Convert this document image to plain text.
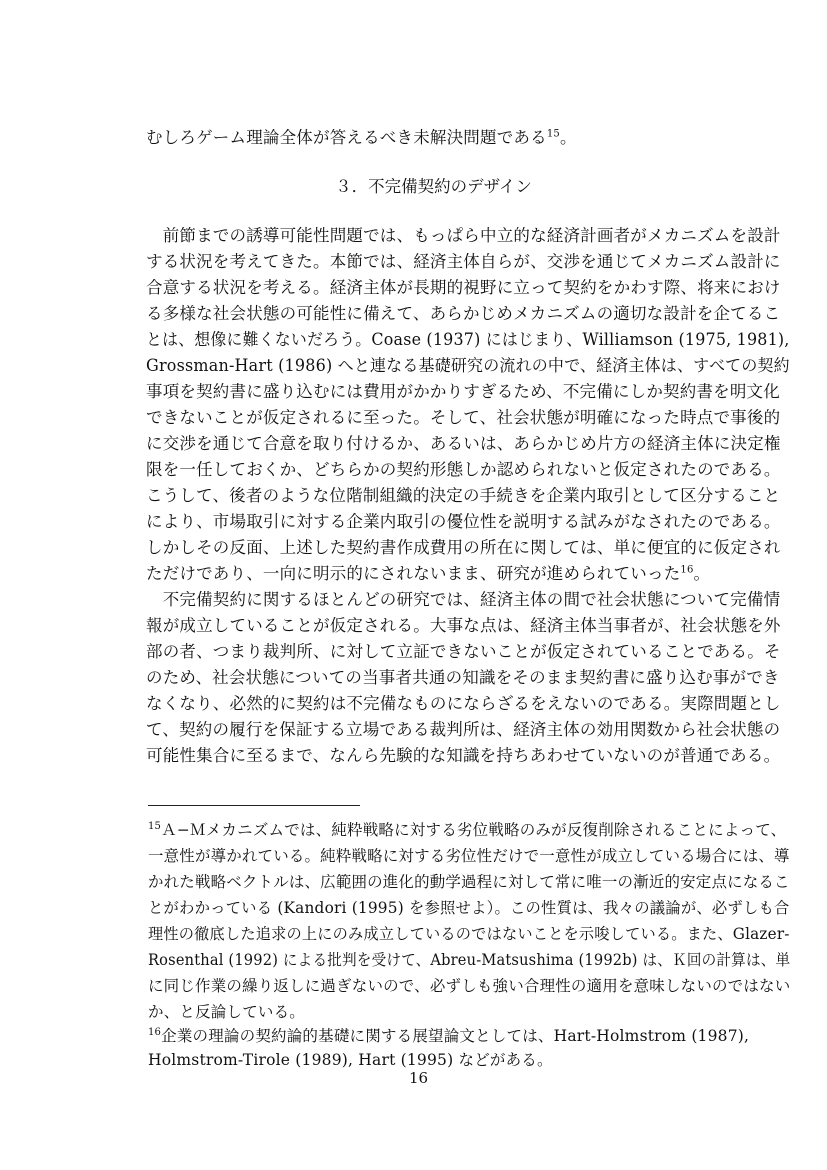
むしろゲーム理論全体が答えるべき未解決問題である$^{15}$。
３．不完備契約のデザイン
　前節までの誘導可能性問題では、もっぱら中立的な経済計画者がメカニズムを設計
する状況を考えてきた。本節では、経済主体自らが、交渉を通じてメカニズム設計に
合意する状況を考える。経済主体が長期的視野に立って契約をかわす際、将来におけ
る多様な社会状態の可能性に備えて、あらかじめメカニズムの適切な設計を企てるこ
とは、想像に難くないだろう。Coase (1937) にはじまり、Williamson (1975, 1981),
Grossman-Hart (1986) へと連なる基礎研究の流れの中で、経済主体は、すべての契約
事項を契約書に盛り込むには費用がかかりすぎるため、不完備にしか契約書を明文化
できないことが仮定されるに至った。そして、社会状態が明確になった時点で事後的
に交渉を通じて合意を取り付けるか、あるいは、あらかじめ片方の経済主体に決定権
限を一任しておくか、どちらかの契約形態しか認められないと仮定されたのである。
こうして、後者のような位階制組織的決定の手続きを企業内取引として区分すること
により、市場取引に対する企業内取引の優位性を説明する試みがなされたのである。
しかしその反面、上述した契約書作成費用の所在に関しては、単に便宜的に仮定され
ただけであり、一向に明示的にされないまま、研究が進められていった$^{16}$。
　不完備契約に関するほとんどの研究では、経済主体の間で社会状態について完備情
報が成立していることが仮定される。大事な点は、経済主体当事者が、社会状態を外
部の者、つまり裁判所、に対して立証できないことが仮定されていることである。そ
のため、社会状態についての当事者共通の知識をそのまま契約書に盛り込む事ができ
なくなり、必然的に契約は不完備なものにならざるをえないのである。実際問題とし
て、契約の履行を保証する立場である裁判所は、経済主体の効用関数から社会状態の
可能性集合に至るまで、なんら先験的な知識を持ちあわせていないのが普通である。
$^{15}$Ａ−Ｍメカニズムでは、純粋戦略に対する劣位戦略のみが反復削除されることによって、
一意性が導かれている。純粋戦略に対する劣位性だけで一意性が成立している場合には、導
かれた戦略ベクトルは、広範囲の進化的動学過程に対して常に唯一の漸近的安定点になるこ
とがわかっている (Kandori (1995) を参照せよ）。この性質は、我々の議論が、必ずしも合
理性の徹底した追求の上にのみ成立しているのではないことを示唆している。また、Glazer-
Rosenthal (1992) による批判を受けて、Abreu-Matsushima (1992b) は、Ｋ回の計算は、単
に同じ作業の繰り返しに過ぎないので、必ずしも強い合理性の適用を意味しないのではない
か、と反論している。
$^{16}$企業の理論の契約論的基礎に関する展望論文としては、Hart-Holmstrom (1987),
Holmstrom-Tirole (1989), Hart (1995) などがある。
16
